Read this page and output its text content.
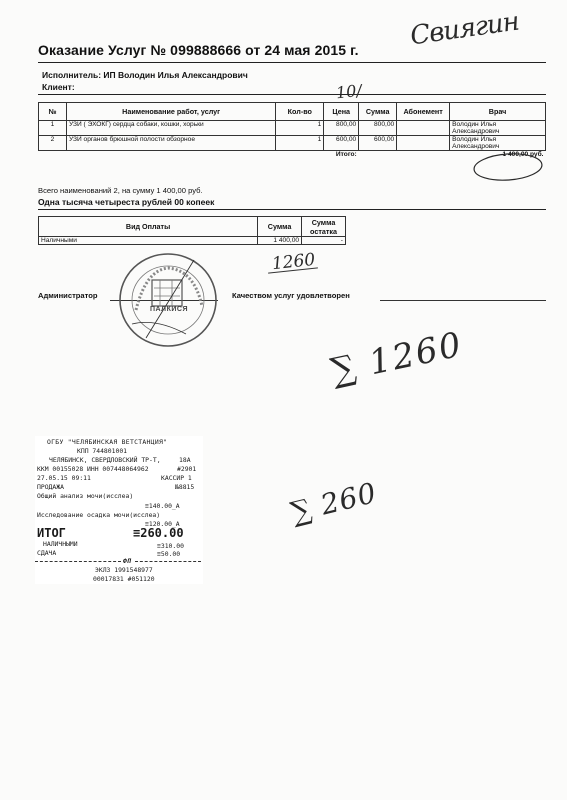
Оказание Услуг № 099888666 от 24 мая 2015 г. Свиягин
Исполнитель: ИП Володин Илья Александрович
Клиент:	10/
№	Наименование работ, услуг	Кол-во	Цена	Сумма	Абонемент	Врач
1	УЗИ ( ЭХОКГ) сердца собаки, кошки, хорьки	1	800,00	800,00		Володин Илья Александрович
2	УЗИ органов брюшной полости обзорное	1	600,00	600,00		Володин Илья Александрович
		Итого:				1 400,00 руб.
Всего наименований 2, на сумму 1 400,00 руб.
Одна тысяча четыреста рублей 00 копеек
Вид Оплаты	Сумма	Сумма остатка
Наличными	1 400,00	-
1260
Администратор	Качеством услуг удовлетворен
ПАЛКИСЯ
∑ 1260
∑ 260
ОГБУ "ЧЕЛЯБИНСКАЯ ВЕТСТАНЦИЯ"
КПП 744801001
ЧЕЛЯБИНСК, СВЕРДЛОВСКИЙ ТР-Т,	18А
ККМ 00155028 ИНН 007448064962	#2901
27.05.15 09:11	КАССИР 1
ПРОДАЖА	№8815
Общий анализ мочи(исслеа)
≡140.00_А
Исследование осадка мочи(исслеа)
≡120.00_А
ИТОГ	≡260.00
НАЛИЧНЫМИ	≡310.00
СДАЧА	≡50.00
ФП
ЭКЛЗ 1991548977
00017831 #051120
